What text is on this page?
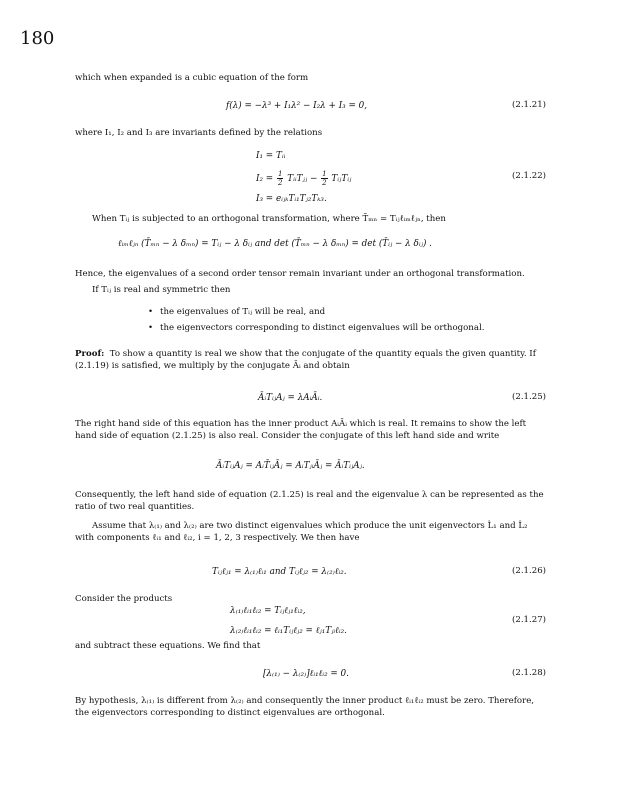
180
which when expanded is a cubic equation of the form
f(λ) = −λ³ + I₁λ² − I₂λ + I₃ = 0,	(2.1.21)
where I₁, I₂ and I₃ are invariants defined by the relations
I₁ = Tᵢᵢ
$I_2 = \frac{1}{2}$ TᵢᵢTⱼⱼ − $\frac{1}{2}$ TᵢⱼTᵢⱼ
I₃ = eᵢⱼₖTᵢ₁Tⱼ₂Tₖ₃.
(2.1.22)
When Tᵢⱼ is subjected to an orthogonal transformation, where T̄ₘₙ = Tᵢⱼℓᵢₘℓⱼₙ, then
ℓᵢₘℓⱼₙ (T̄ₘₙ − λ δₘₙ) = Tᵢⱼ − λ δᵢⱼ and det (T̄ₘₙ − λ δₘₙ) = det (T̄ᵢⱼ − λ δᵢⱼ) .
Hence, the eigenvalues of a second order tensor remain invariant under an orthogonal transformation.
If Tᵢⱼ is real and symmetric then
• the eigenvalues of Tᵢⱼ will be real, and
• the eigenvectors corresponding to distinct eigenvalues will be orthogonal.
Proof: To show a quantity is real we show that the conjugate of the quantity equals the given quantity. If (2.1.19) is satisfied, we multiply by the conjugate Āᵢ and obtain
ĀᵢTᵢⱼAⱼ = λAᵢĀᵢ.	(2.1.25)
The right hand side of this equation has the inner product AᵢĀᵢ which is real. It remains to show the left hand side of equation (2.1.25) is also real. Consider the conjugate of this left hand side and write
ĀᵢTᵢⱼAⱼ = AᵢT̄ᵢⱼĀⱼ = AᵢTⱼᵢĀⱼ = ĀᵢTᵢⱼAⱼ.
Consequently, the left hand side of equation (2.1.25) is real and the eigenvalue λ can be represented as the ratio of two real quantities.
Assume that λ₍₁₎ and λ₍₂₎ are two distinct eigenvalues which produce the unit eigenvectors L̂₁ and L̂₂ with components ℓᵢ₁ and ℓᵢ₂, i = 1, 2, 3 respectively. We then have
Tᵢⱼℓⱼ₁ = λ₍₁₎ℓᵢ₁ and Tᵢⱼℓⱼ₂ = λ₍₂₎ℓᵢ₂.	(2.1.26)
Consider the products
λ₍₁₎ℓᵢ₁ℓᵢ₂ = Tᵢⱼℓⱼ₁ℓᵢ₂,
λ₍₂₎ℓᵢ₁ℓᵢ₂ = ℓᵢ₁Tᵢⱼℓⱼ₂ = ℓⱼ₁Tⱼᵢℓᵢ₂.
(2.1.27)
and subtract these equations. We find that
[λ₍₁₎ − λ₍₂₎]ℓᵢ₁ℓᵢ₂ = 0.	(2.1.28)
By hypothesis, λ₍₁₎ is different from λ₍₂₎ and consequently the inner product ℓᵢ₁ℓᵢ₂ must be zero. Therefore, the eigenvectors corresponding to distinct eigenvalues are orthogonal.
